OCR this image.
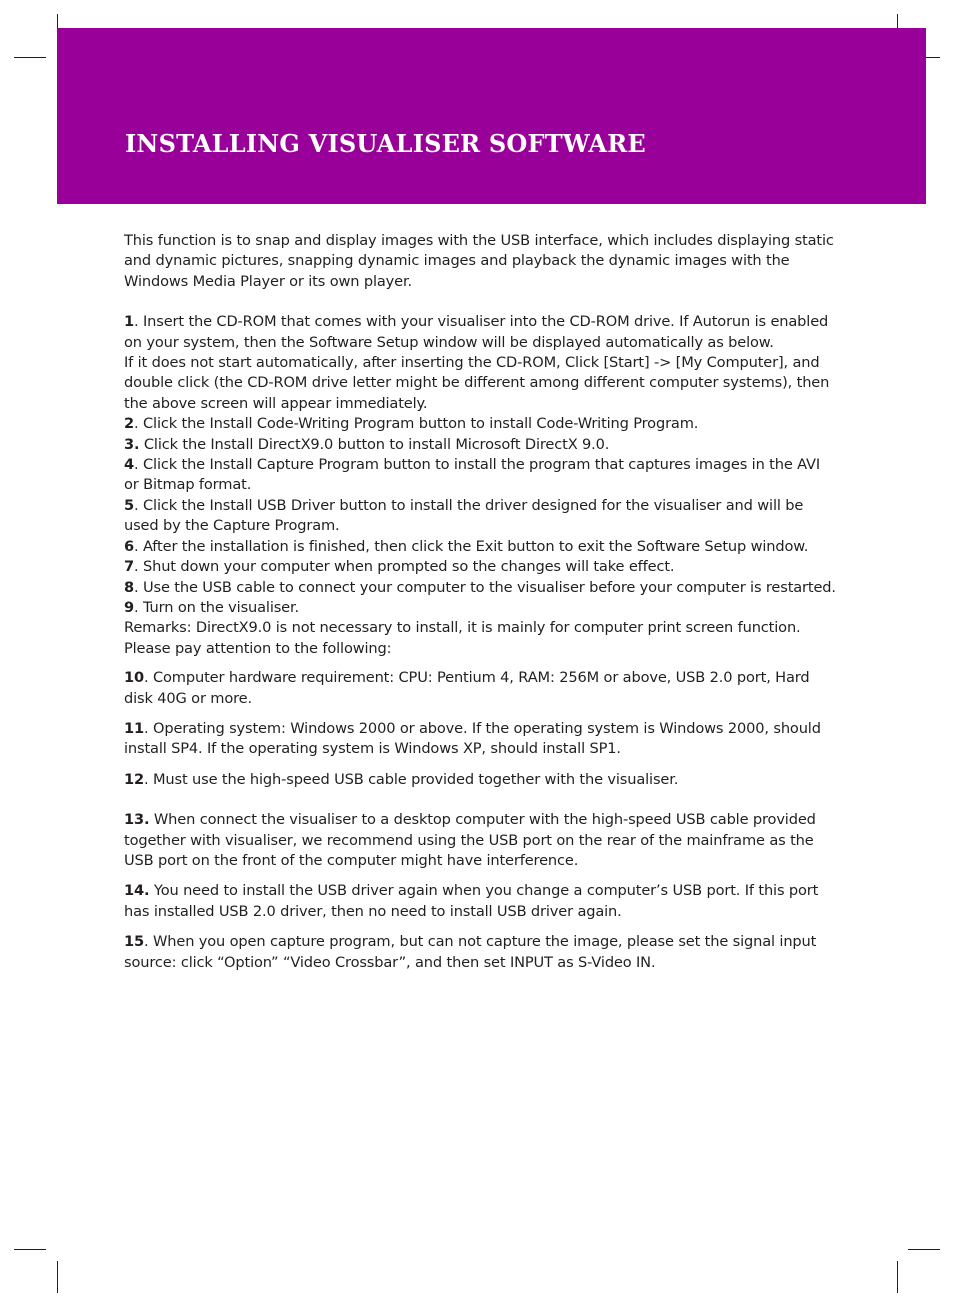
INSTALLING VISUALISER SOFTWARE

This function is to snap and display images with the USB interface, which includes displaying static and dynamic pictures, snapping dynamic images and playback the dynamic images with the Windows Media Player or its own player.

1. Insert the CD-ROM that comes with your visualiser into the CD-ROM drive. If Autorun is enabled on your system, then the Software Setup window will be displayed automatically as below.

If it does not start automatically, after inserting the CD-ROM, Click [Start] -> [My Computer], and double click (the CD-ROM drive letter might be different among different computer systems), then the above screen will appear immediately.

2. Click the Install Code-Writing Program button to install Code-Writing Program.

3. Click the Install DirectX9.0 button to install Microsoft DirectX 9.0.

4. Click the Install Capture Program button to install the program that captures images in the AVI or Bitmap format.

5. Click the Install USB Driver button to install the driver designed for the visualiser and will be used by the Capture Program.

6. After the installation is finished, then click the Exit button to exit the Software Setup window.

7. Shut down your computer when prompted so the changes will take effect.

8. Use the USB cable to connect your computer to the visualiser before your computer is restarted.

9. Turn on the visualiser.

Remarks: DirectX9.0 is not necessary to install, it is mainly for computer print screen function.

Please pay attention to the following:

10. Computer hardware requirement: CPU: Pentium 4, RAM: 256M or above, USB 2.0 port, Hard disk 40G or more.

11. Operating system: Windows 2000 or above. If the operating system is Windows 2000, should install SP4. If the operating system is Windows XP, should install SP1.

12. Must use the high-speed USB cable provided together with the visualiser.

13. When connect the visualiser to a desktop computer with the high-speed USB cable provided together with visualiser, we recommend using the USB port on the rear of the mainframe as the USB port on the front of the computer might have interference.

14. You need to install the USB driver again when you change a computer’s USB port. If this port has installed USB 2.0 driver, then no need to install USB driver again.

15. When you open capture program, but can not capture the image, please set the signal input source: click “Option” “Video Crossbar”, and then set INPUT as S-Video IN.
